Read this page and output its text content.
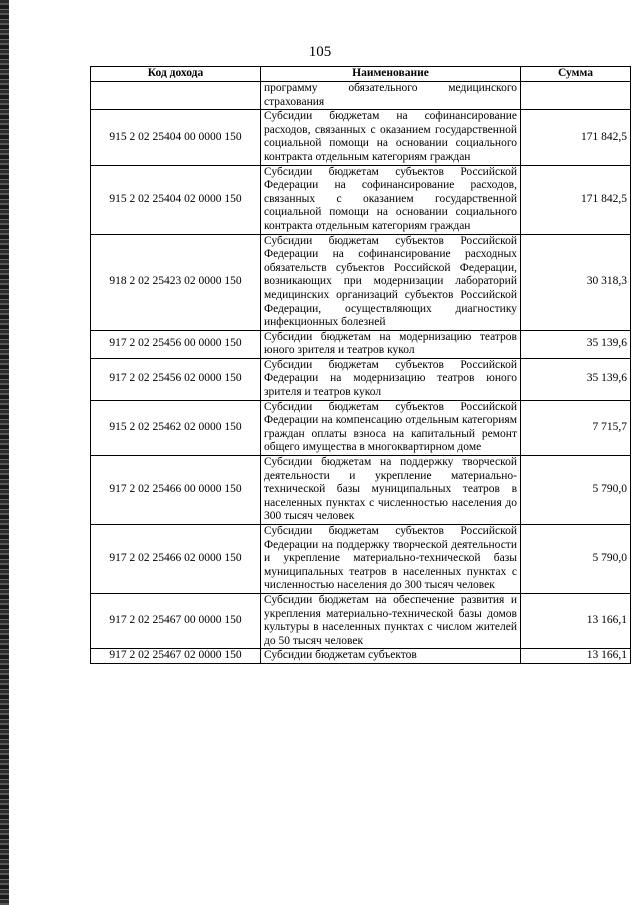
105
Код дохода	Наименование	Сумма
	программу обязательного медицинского страхования	
915 2 02 25404 00 0000 150	Субсидии бюджетам на софинансирование расходов, связанных с оказанием государственной социальной помощи на основании социального контракта отдельным категориям граждан	171 842,5
915 2 02 25404 02 0000 150	Субсидии бюджетам субъектов Российской Федерации на софинансирование расходов, связанных с оказанием государственной социальной помощи на основании социального контракта отдельным категориям граждан	171 842,5
918 2 02 25423 02 0000 150	Субсидии бюджетам субъектов Российской Федерации на софинансирование расходных обязательств субъектов Российской Федерации, возникающих при модернизации лабораторий медицинских организаций субъектов Российской Федерации, осуществляющих диагностику инфекционных болезней	30 318,3
917 2 02 25456 00 0000 150	Субсидии бюджетам на модернизацию театров юного зрителя и театров кукол	35 139,6
917 2 02 25456 02 0000 150	Субсидии бюджетам субъектов Российской Федерации на модернизацию театров юного зрителя и театров кукол	35 139,6
915 2 02 25462 02 0000 150	Субсидии бюджетам субъектов Российской Федерации на компенсацию отдельным категориям граждан оплаты взноса на капитальный ремонт общего имущества в многоквартирном доме	7 715,7
917 2 02 25466 00 0000 150	Субсидии бюджетам на поддержку творческой деятельности и укрепление материально-технической базы муниципальных театров в населенных пунктах с численностью населения до 300 тысяч человек	5 790,0
917 2 02 25466 02 0000 150	Субсидии бюджетам субъектов Российской Федерации на поддержку творческой деятельности и укрепление материально-технической базы муниципальных театров в населенных пунктах с численностью населения до 300 тысяч человек	5 790,0
917 2 02 25467 00 0000 150	Субсидии бюджетам на обеспечение развития и укрепления материально-технической базы домов культуры в населенных пунктах с числом жителей до 50 тысяч человек	13 166,1
917 2 02 25467 02 0000 150	Субсидии бюджетам субъектов	13 166,1
